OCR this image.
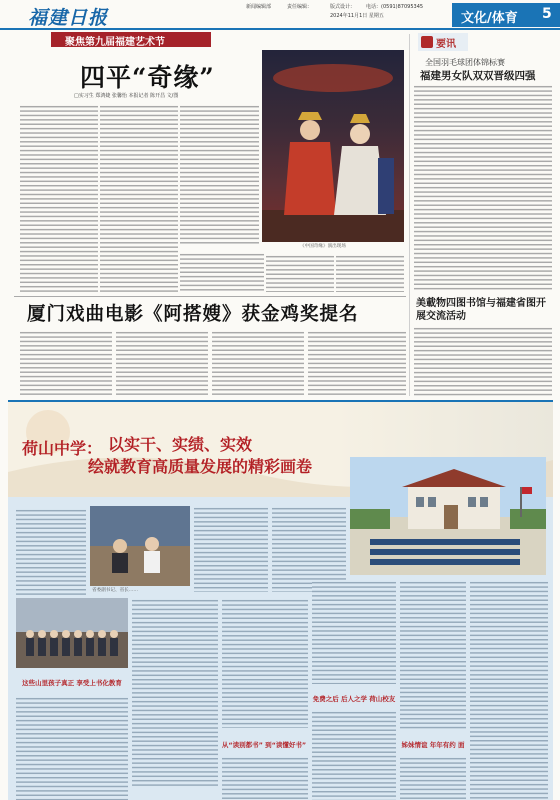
福建日报	新闻编辑部	责任编辑：	版式设计： 电话：(0591)87095345
2024年11月1日 星期五	文化/体育 5
聚焦第九届福建艺术节
四平“奇缘”
□实习生 郑鸿婕 张馨怡 本报记者 陈开昌 文/图
《中国奇缘》演出现场
要讯
全国羽毛球团体锦标赛
福建男女队双双晋级四强
美載物四图书馆与福建省图开展交流活动
厦门戏曲电影《阿搭嫂》获金鸡奖提名
荷山中学： 以实干、实绩、实效
绘就教育高质量发展的精彩画卷
省委副书记、省长……
这些山里孩子真正 享受上书化教育
从“读别都书” 到“读懂好书”
免费之后 后人之学 荷山校友
姊妹情谊 年年有约 面
